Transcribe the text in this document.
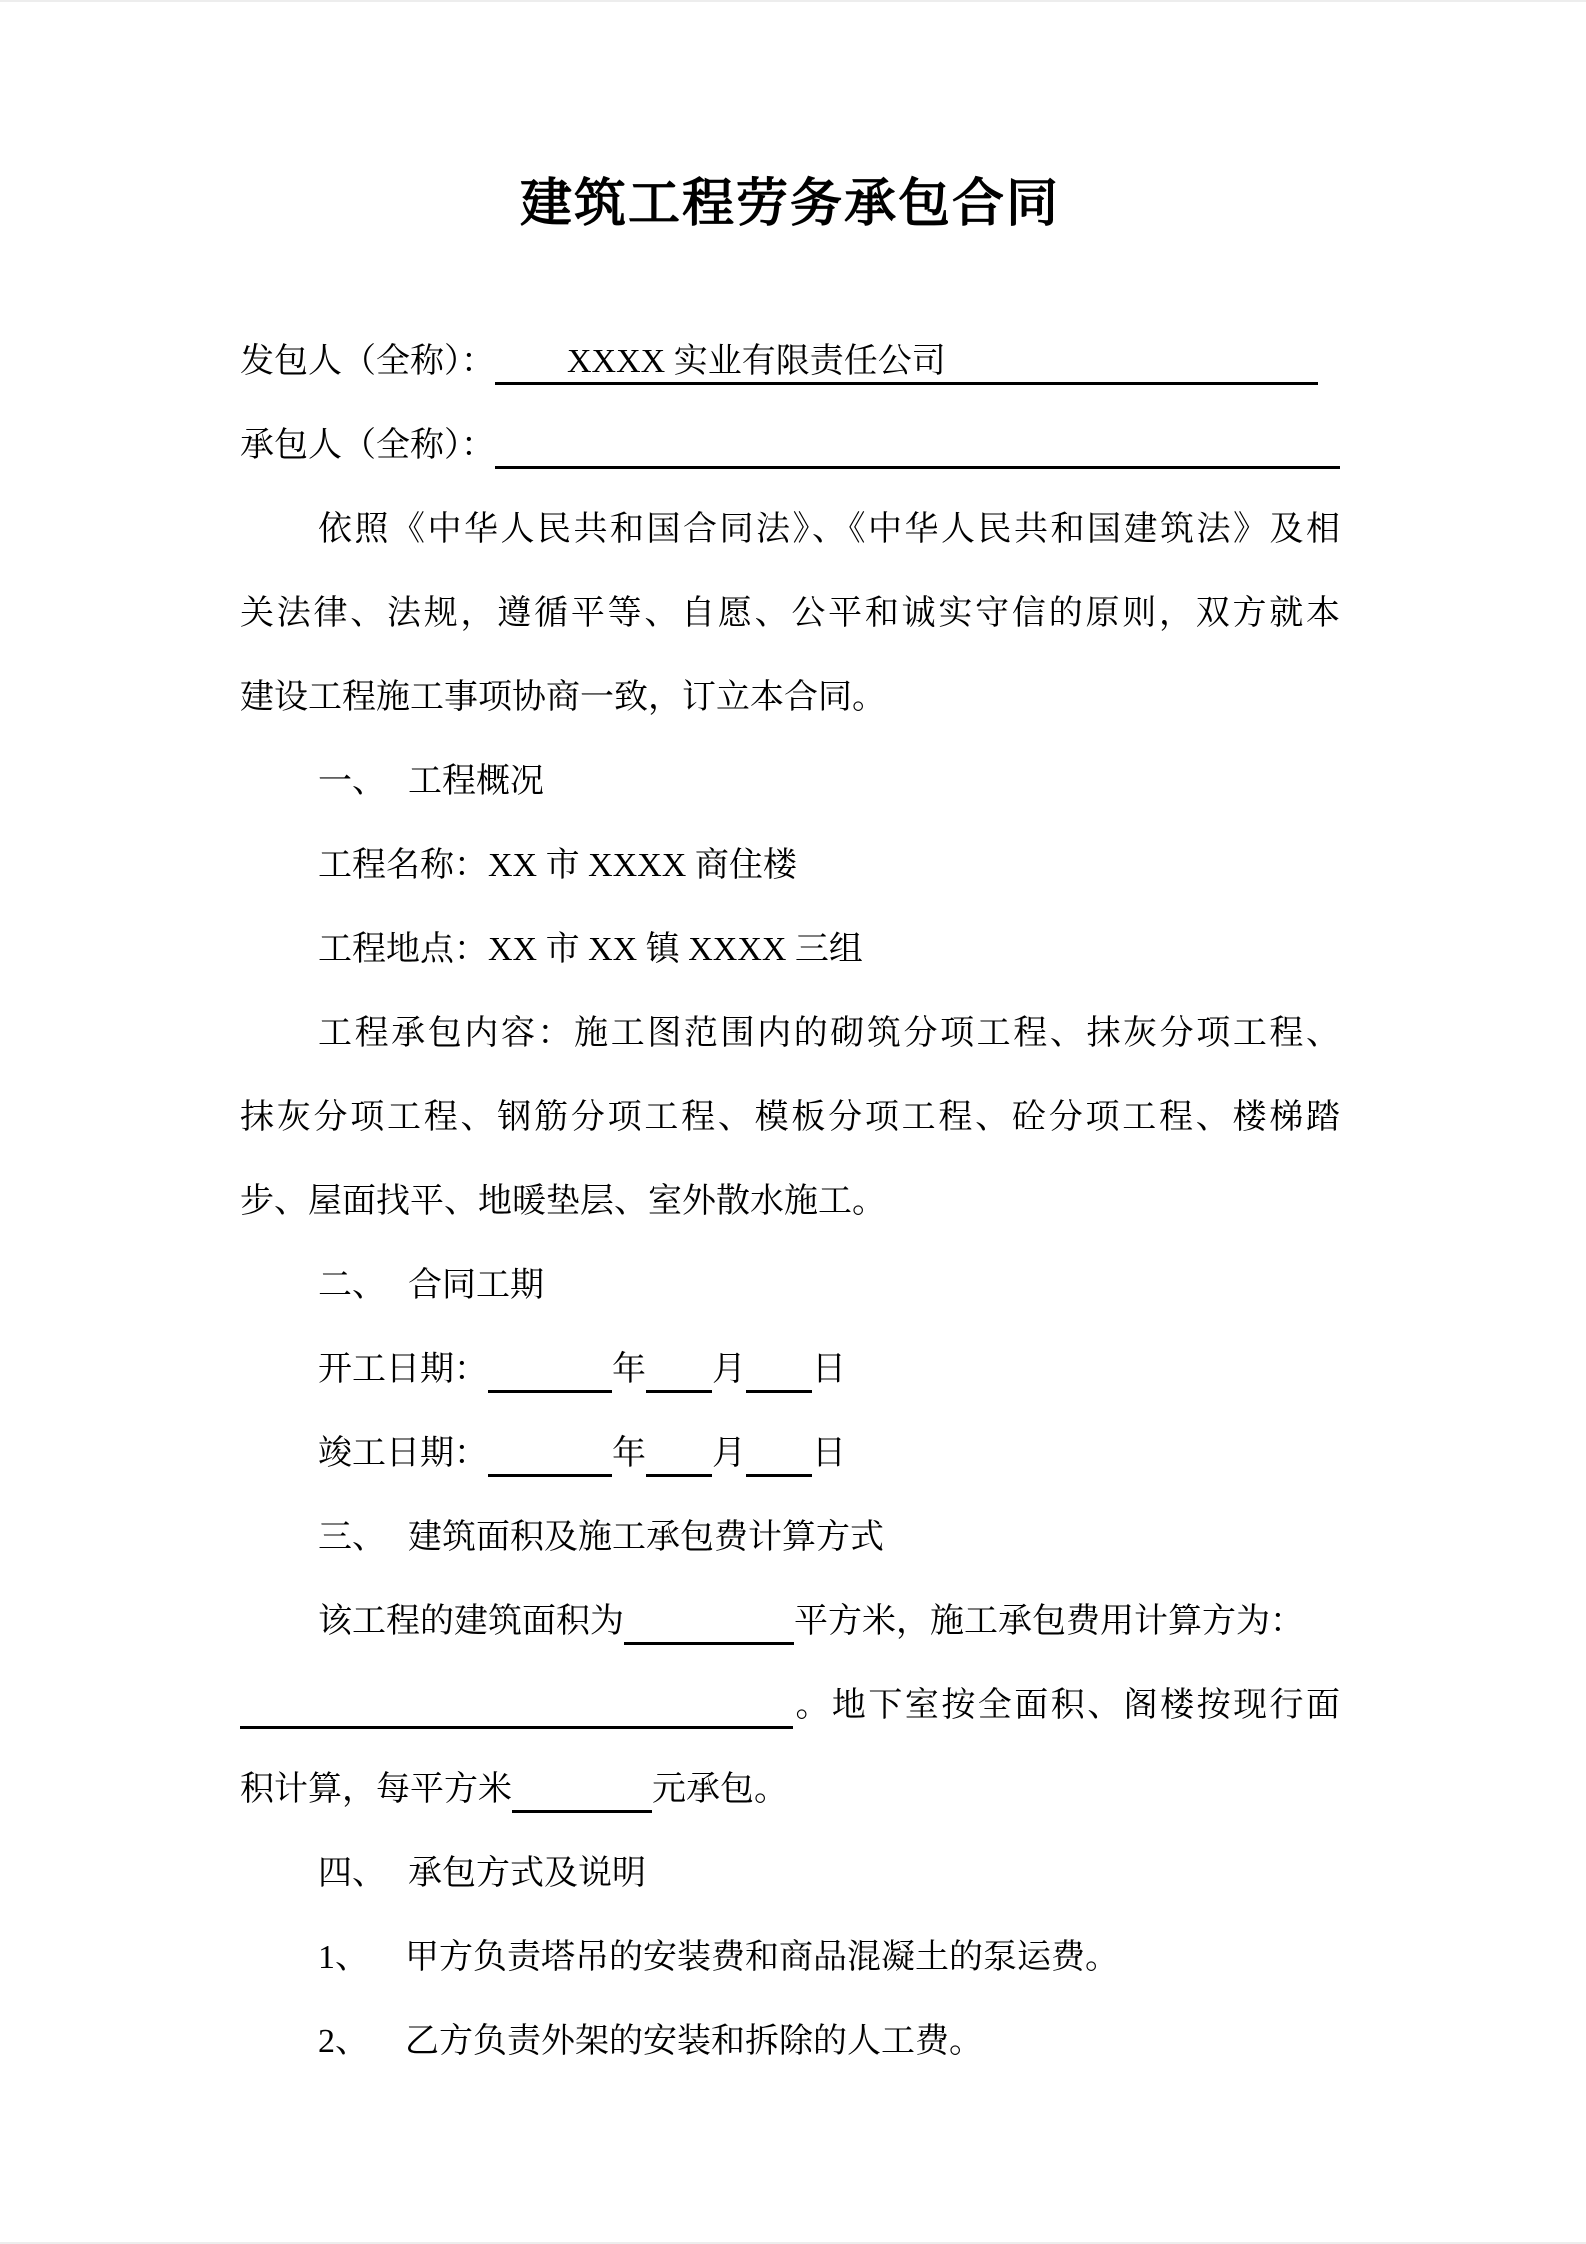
建筑工程劳务承包合同
发包人（全称）： XXXX 实业有限责任公司
承包人（全称）：
依照《中华人民共和国合同法》、《中华人民共和国建筑法》及相
关法律、法规，遵循平等、自愿、公平和诚实守信的原则，双方就本
建设工程施工事项协商一致，订立本合同。
一、 工程概况
工程名称：XX 市 XXXX 商住楼
工程地点：XX 市 XX 镇 XXXX 三组
工程承包内容：施工图范围内的砌筑分项工程、抹灰分项工程、
抹灰分项工程、钢筋分项工程、模板分项工程、砼分项工程、楼梯踏
步、屋面找平、地暖垫层、室外散水施工。
二、 合同工期
开工日期：	年 月 日
竣工日期：	年 月 日
三、 建筑面积及施工承包费计算方式
该工程的建筑面积为	平方米，施工承包费用计算方为：
。地下室按全面积、阁楼按现行面
积计算，每平方米	元承包。
四、 承包方式及说明
1、 甲方负责塔吊的安装费和商品混凝土的泵运费。
2、 乙方负责外架的安装和拆除的人工费。
